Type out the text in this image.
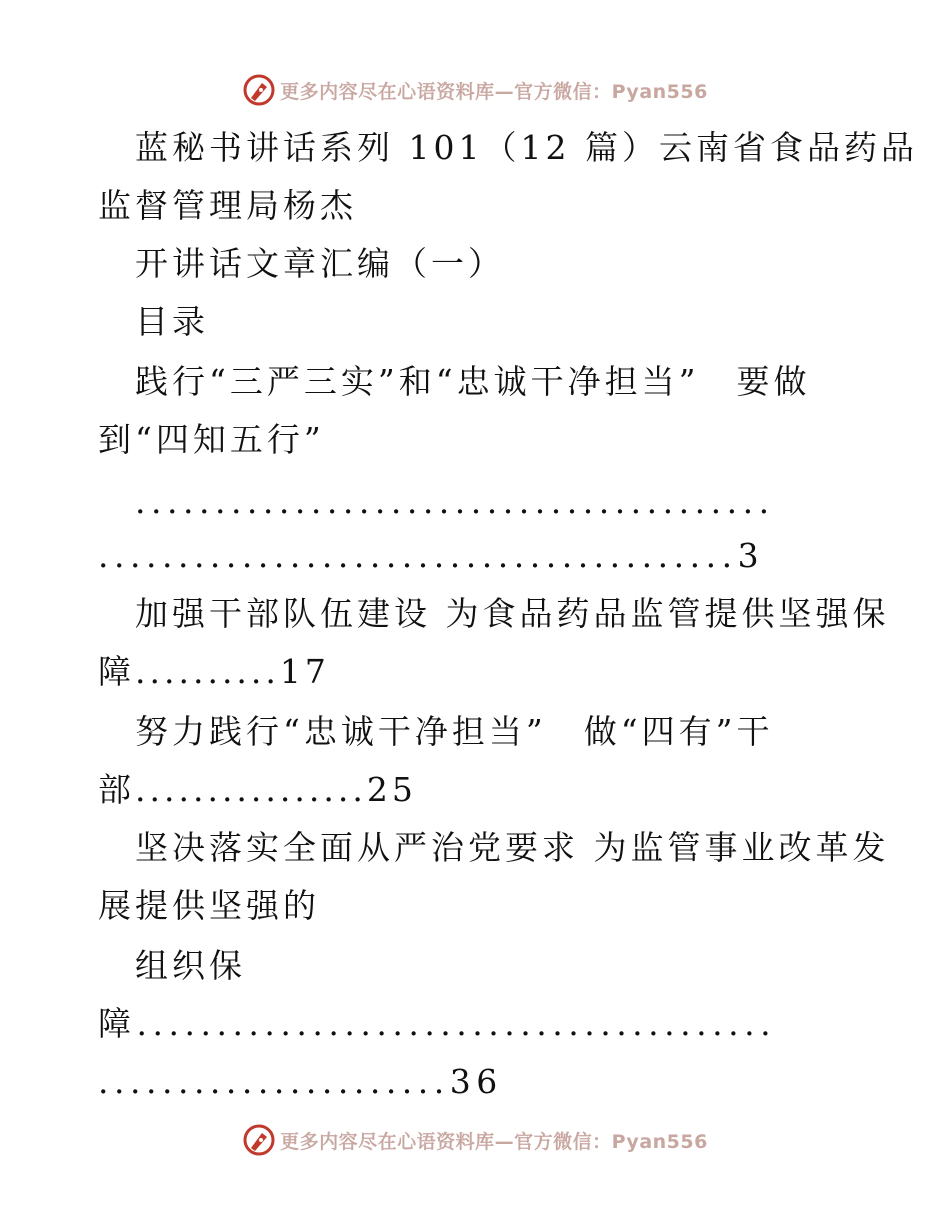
更多内容尽在心语资料库—官方微信：Pyan556
蓝秘书讲话系列 101（12 篇）云南省食品药品
监督管理局杨杰
开讲话文章汇编（一）
目录
践行“三严三实”和“忠诚干净担当”　要做
到“四知五行”
........................................
........................................3
加强干部队伍建设 为食品药品监管提供坚强保
障..........17
努力践行“忠诚干净担当”　做“四有”干
部................25
坚决落实全面从严治党要求 为监管事业改革发
展提供坚强的
组织保
障........................................
......................36
更多内容尽在心语资料库—官方微信：Pyan556
